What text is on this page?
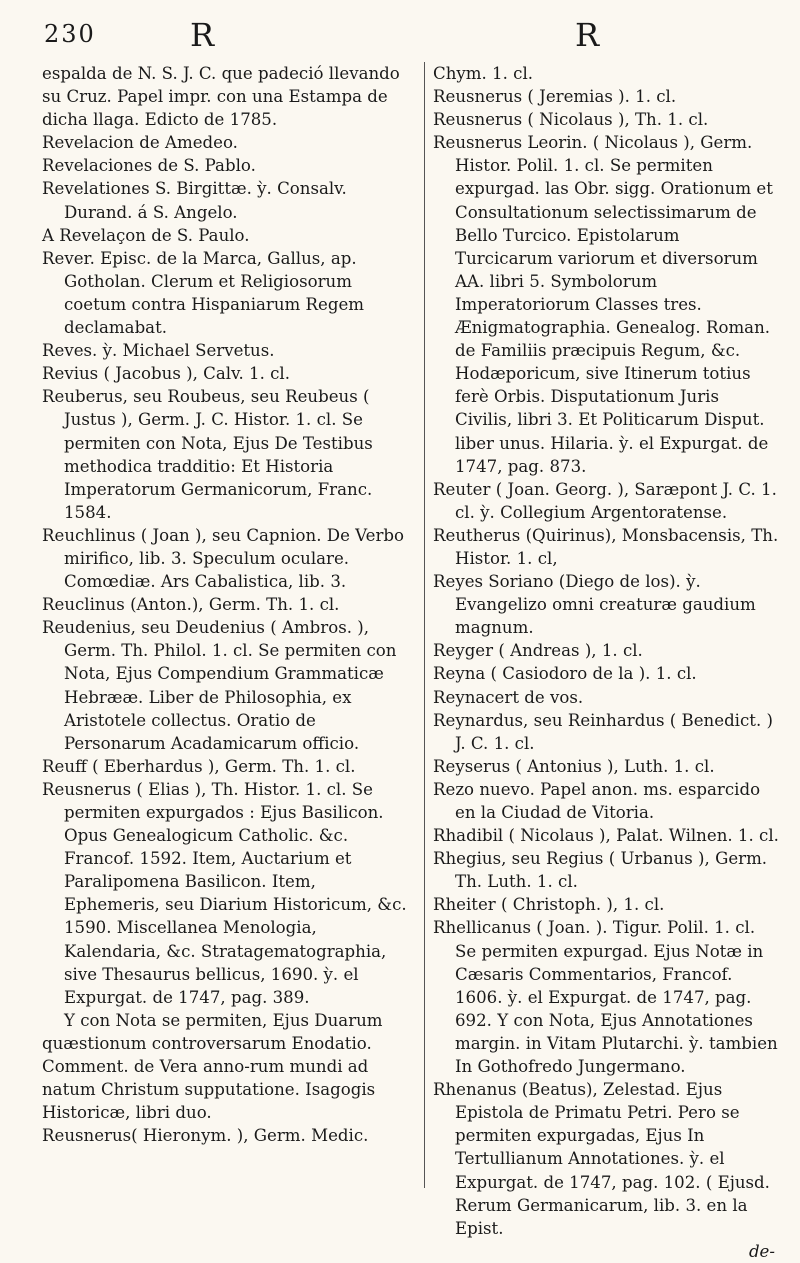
230	R	R

espalda de N. S. J. C. que padeció llevando su Cruz. Papel impr. con una Estampa de dicha llaga. Edicto de 1785.

Revelacion de Amedeo.

Revelaciones de S. Pablo.

Revelationes S. Birgittæ. ỳ. Consalv. Durand. á S. Angelo.

A Revelaçon de S. Paulo.

Rever. Episc. de la Marca, Gallus, ap. Gotholan. Clerum et Religiosorum coetum contra Hispaniarum Regem declamabat.

Reves. ỳ. Michael Servetus.

Revius ( Jacobus ), Calv. 1. cl.

Reuberus, seu Roubeus, seu Reubeus ( Justus ), Germ. J. C. Histor. 1. cl. Se permiten con Nota, Ejus De Testibus methodica tradditio: Et Historia Imperatorum Germanicorum, Franc. 1584.

Reuchlinus ( Joan ), seu Capnion. De Verbo mirifico, lib. 3. Speculum oculare. Comœdiæ. Ars Cabalistica, lib. 3.

Reuclinus (Anton.), Germ. Th. 1. cl.

Reudenius, seu Deudenius ( Ambros. ), Germ. Th. Philol. 1. cl. Se permiten con Nota, Ejus Compendium Grammaticæ Hebrææ. Liber de Philosophia, ex Aristotele collectus. Oratio de Personarum Acadamicarum officio.

Reuff ( Eberhardus ), Germ. Th. 1. cl.

Reusnerus ( Elias ), Th. Histor. 1. cl. Se permiten expurgados : Ejus Basilicon. Opus Genealogicum Catholic. &c. Francof. 1592. Item, Auctarium et Paralipomena Basilicon. Item, Ephemeris, seu Diarium Historicum, &c. 1590. Miscellanea Menologia, Kalendaria, &c. Stratagematographia, sive Thesaurus bellicus, 1690. ỳ. el Expurgat. de 1747, pag. 389.

Y con Nota se permiten, Ejus Duarum quæstionum controversarum Enodatio. Comment. de Vera anno-rum mundi ad natum Christum supputatione. Isagogis Historicæ, libri duo.

Reusnerus( Hieronym. ), Germ. Medic.

Chym. 1. cl.

Reusnerus ( Jeremias ). 1. cl.

Reusnerus ( Nicolaus ), Th. 1. cl.

Reusnerus Leorin. ( Nicolaus ), Germ. Histor. Polil. 1. cl. Se permiten expurgad. las Obr. sigg. Orationum et Consultationum selectissimarum de Bello Turcico. Epistolarum Turcicarum variorum et diversorum AA. libri 5. Symbolorum Imperatoriorum Classes tres. Ænigmatographia. Genealog. Roman. de Familiis præcipuis Regum, &c. Hodæporicum, sive Itinerum totius ferè Orbis. Disputationum Juris Civilis, libri 3. Et Politicarum Disput. liber unus. Hilaria. ỳ. el Expurgat. de 1747, pag. 873.

Reuter ( Joan. Georg. ), Saræpont J. C. 1. cl. ỳ. Collegium Argentoratense.

Reutherus (Quirinus), Monsbacensis, Th. Histor. 1. cl,

Reyes Soriano (Diego de los). ỳ. Evangelizo omni creaturæ gaudium magnum.

Reyger ( Andreas ), 1. cl.

Reyna ( Casiodoro de la ). 1. cl.

Reynacert de vos.

Reynardus, seu Reinhardus ( Benedict. ) J. C. 1. cl.

Reyserus ( Antonius ), Luth. 1. cl.

Rezo nuevo. Papel anon. ms. esparcido en la Ciudad de Vitoria.

Rhadibil ( Nicolaus ), Palat. Wilnen. 1. cl.

Rhegius, seu Regius ( Urbanus ), Germ. Th. Luth. 1. cl.

Rheiter ( Christoph. ), 1. cl.

Rhellicanus ( Joan. ). Tigur. Polil. 1. cl. Se permiten expurgad. Ejus Notæ in Cæsaris Commentarios, Francof. 1606. ỳ. el Expurgat. de 1747, pag. 692. Y con Nota, Ejus Annotationes margin. in Vitam Plutarchi. ỳ. tambien In Gothofredo Jungermano.

Rhenanus (Beatus), Zelestad. Ejus Epistola de Primatu Petri. Pero se permiten expurgadas, Ejus In Tertullianum Annotationes. ỳ. el Expurgat. de 1747, pag. 102. ( Ejusd. Rerum Germanicarum, lib. 3. en la Epist.

de-
